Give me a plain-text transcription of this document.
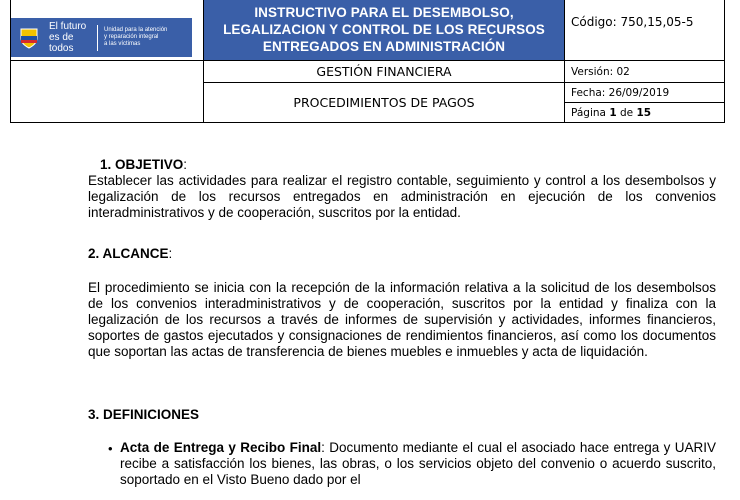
	INSTRUCTIVO PARA EL DESEMBOLSO,
LEGALIZACION Y CONTROL DE LOS RECURSOS
ENTREGADOS EN ADMINISTRACIÓN	Código: 750,15,05-5

	GESTIÓN FINANCIERA	Versión: 02
	PROCEDIMIENTOS DE PAGOS	Fecha: 26/09/2019
		Página 1 de 15
El futuro
es de todos
Unidad para la atención
y reparación integral
a las víctimas
1. OBJETIVO:
Establecer las actividades para realizar el registro contable, seguimiento y control a los desembolsos y legalización de los recursos entregados en administración en ejecución de los convenios interadministrativos y de cooperación, suscritos por la entidad.
2. ALCANCE:
El procedimiento se inicia con la recepción de la información relativa a la solicitud de los desembolsos de los convenios interadministrativos y de cooperación, suscritos por la entidad y finaliza con la legalización de los recursos a través de informes de supervisión y actividades, informes financieros, soportes de gastos ejecutados y consignaciones de rendimientos financieros, así como los documentos que soportan las actas de transferencia de bienes muebles e inmuebles y acta de liquidación.
3. DEFINICIONES
• Acta de Entrega y Recibo Final: Documento mediante el cual el asociado hace entrega y UARIV recibe a satisfacción los bienes, las obras, o los servicios objeto del convenio o acuerdo suscrito, soportado en el Visto Bueno dado por el
